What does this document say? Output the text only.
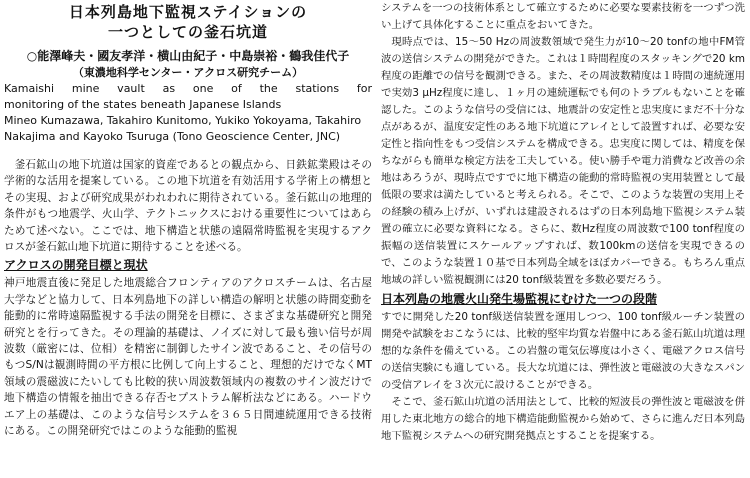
日本列島地下監視ステイションの
一つとしての釜石坑道
○能澤峰夫・國友孝洋・横山由紀子・中島崇裕・鶴我佳代子
（東濃地科学センター・アクロス研究チーム）
Kamaishi mine vault as one of the stations for
monitoring of the states beneath Japanese Islands
Mineo Kumazawa, Takahiro Kunitomo, Yukiko Yokoyama, Takahiro
Nakajima and Kayoko Tsuruga (Tono Geoscience Center, JNC)

釜石鉱山の地下坑道は国家的資産であるとの観点から、日鉄鉱業殿はその学術的な活用を提案している。この地下坑道を有効活用する学術上の構想とその実現、および研究成果がわれわれに期待されている。釜石鉱山の地理的条件がもつ地震学、火山学、テクトニックスにおける重要性についてはあらためて述べない。ここでは、地下構造と状態の遠隔常時監視を実現するアクロスが釜石鉱山地下坑道に期待することを述べる。

アクロスの開発目標と現状

神戸地震直後に発足した地震総合フロンティアのアクロスチームは、名古屋大学などと協力して、日本列島地下の詳しい構造の解明と状態の時間変動を能動的に常時遠隔監視する手法の開発を目標に、さまざまな基礎研究と開発研究とを行ってきた。その理論的基礎は、ノイズに対して最も強い信号が周波数（厳密には、位相）を精密に制御したサイン波であること、その信号のもつS/Nは観測時間の平方根に比例して向上すること、理想的だけでなくMT領域の震磁波にたいしても比較的狭い周波数領域内の複数のサイン波だけで地下構造の情報を抽出できる存否セプストラム解析法などにある。ハードウエア上の基礎は、このような信号システムを３６５日間連続運用できる技術にある。この開発研究ではこのような能動的監視

システムを一つの技術体系として確立するために必要な要素技術を一つずつ洗い上げて具体化することに重点をおいてきた。

現時点では、15～50 Hzの周波数領域で発生力が10～20 tonfの地中FM管波の送信システムの開発ができた。これは１時間程度のスタッキングで20 km程度の距離での信号を観測できる。また、その周波数精度は１時間の連続運用で実効3 μHz程度に達し、１ヶ月の連続運転でも何のトラブルもないことを確認した。このような信号の受信には、地震計の安定性と忠実度にまだ不十分な点があるが、温度安定性のある地下坑道にアレイとして設置すれば、必要な安定性と指向性をもつ受信システムを構成できる。忠実度に関しては、精度を保ちながらも簡単な検定方法を工夫している。使い勝手や電力消費など改善の余地はあろうが、現時点ですでに地下構造の能動的常時監視の実用装置として最低限の要求は満たしていると考えられる。そこで、このような装置の実用上その経験の積み上げが、いずれは建設されるはずの日本列島地下監視システム装置の確立に必要な資料になる。さらに、数Hz程度の周波数で100 tonf程度の振幅の送信装置にスケールアップすれば、数100kmの送信を実現できるので、このような装置１０基で日本列島全域をほぼカバーできる。もちろん重点地域の詳しい監視観測には20 tonf級装置を多数必要だろう。

日本列島の地震火山発生場監視にむけた一つの段階

すでに開発した20 tonf級送信装置を運用しつつ、100 tonf級ルーチン装置の開発や試験をおこなうには、比較的堅牢均質な岩盤中にある釜石鉱山坑道は理想的な条件を備えている。この岩盤の電気伝導度は小さく、電磁アクロス信号の送信実験にも適している。長大な坑道には、弾性波と電磁波の大きなスパンの受信アレイを３次元に設けることができる。

そこで、釜石鉱山坑道の活用法として、比較的短波長の弾性波と電磁波を併用した東北地方の総合的地下構造能動監視から始めて、さらに進んだ日本列島地下監視システムへの研究開発拠点とすることを提案する。
